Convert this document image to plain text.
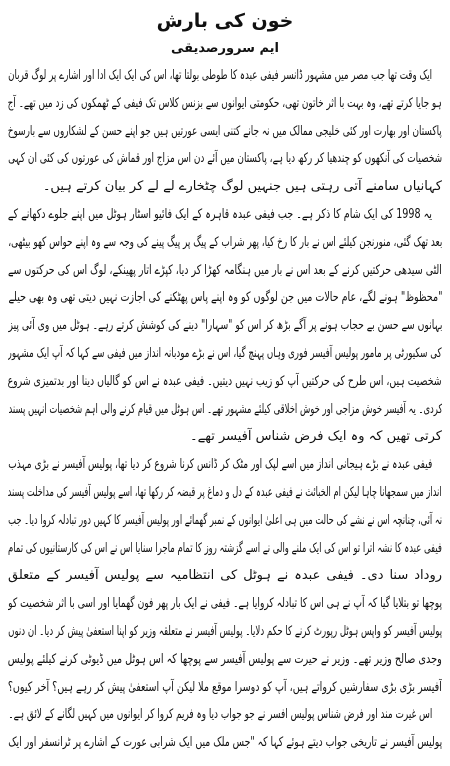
خون کی بارش
ایم سرورصدیقی
ایک وقت تھا جب مصر میں مشہور ڈانسر فیفی عبدہ کا طوطی بولتا تھا، اس کی ایک ایک ادا اور اشارے پر لوگ قربان
ہو جایا کرتے تھے، وہ بہت با اثر خاتون تھی، حکومتی ایوانوں سے بزنس کلاس تک فیفی کے ٹھمکوں کی زد میں تھے۔ آج
پاکستان اور بھارت اور کئی خلیجی ممالک میں نہ جانے کتنی ایسی عورتیں ہیں جو اپنے حسن کے لشکاروں سے بارسوخ
شخصیات کی آنکھوں کو چندھیا کر رکھ دیا ہے، پاکستان میں آئے دن اس مزاج اور قماش کی عورتوں کی کئی ان کہی
کہانیاں سامنے آتی رہتی ہیں جنہیں لوگ چٹخارے لے لے کر بیان کرتے ہیں۔
یہ 1998 کی ایک شام کا ذکر ہے۔ جب فیفی عبدہ قاہرہ کے ایک فائیو اسٹار ہوٹل میں اپنے جلوے دکھانے کے
بعد تھک گئی، منورنجن کیلئے اس نے بار کا رخ کیا، پھر شراب کے پیگ پر پیگ پینے کی وجہ سے وہ اپنے حواس کھو بیٹھی،
الٹی سیدھی حرکتیں کرنے کے بعد اس نے بار میں ہنگامہ کھڑا کر دیا، کپڑے اتار پھینکے، لوگ اس کی حرکتوں سے
"محظوظ" ہونے لگے، عام حالات میں جن لوگوں کو وہ اپنے پاس پھٹکنے کی اجازت نہیں دیتی تھی وہ بھی حیلے
بہانوں سے حسن بے حجاب ہونے پر آگے بڑھ کر اس کو "سہارا" دینے کی کوشش کرتے رہے۔ ہوٹل میں وی آئی پیز
کی سکیورٹی پر مامور پولیس آفیسر فوری وہاں پہنچ گیا، اس نے بڑے مودبانہ انداز میں فیفی سے کہا کہ آپ ایک مشہور
شخصیت ہیں، اس طرح کی حرکتیں آپ کو زیب نہیں دیتیں۔ فیفی عبدہ نے اس کو گالیاں دینا اور بدتمیزی شروع
کردی۔ یہ آفیسر خوش مزاجی اور خوش اخلاقی کیلئے مشہور تھے۔ اس ہوٹل میں قیام کرنے والی اہم شخصیات انہیں پسند
کرتی تھیں کہ وہ ایک فرض شناس آفیسر تھے۔
فیفی عبدہ نے بڑے ہیجانی انداز میں اسے لپک اور مٹک کر ڈانس کرنا شروع کر دیا تھا، پولیس آفیسر نے بڑی مہذب
انداز میں سمجھانا چاہا لیکن ام الخبائث نے فیفی عبدہ کے دل و دماغ پر قبضہ کر رکھا تھا، اسے پولیس آفیسر کی مداخلت پسند
نہ آئی، چنانچہ اس نے نشے کی حالت میں ہی اعلیٰ ایوانوں کے نمبر گھمائے اور پولیس آفیسر کا کہیں دور تبادلہ کروا دیا۔ جب
فیفی عبدہ کا نشہ اترا تو اس کی ایک ملنے والی نے اسے گزشتہ روز کا تمام ماجرا سنایا اس نے اس کی کارستانیوں کی تمام
روداد سنا دی۔ فیفی عبدہ نے ہوٹل کی انتظامیہ سے پولیس آفیسر کے متعلق
پوچھا تو بتلایا گیا کہ آپ نے ہی اس کا تبادلہ کروایا ہے۔ فیفی نے ایک بار پھر فون گھمایا اور اسی با اثر شخصیت کو
پولیس آفیسر کو واپس ہوٹل رپورٹ کرنے کا حکم دلایا۔ پولیس آفیسر نے متعلقہ وزیر کو اپنا استعفیٰ پیش کر دیا۔ ان دنوں
وجدی صالح وزیر تھے۔ وزیر نے حیرت سے پولیس آفیسر سے پوچھا کہ اس ہوٹل میں ڈیوٹی کرنے کیلئے پولیس
آفیسر بڑی بڑی سفارشیں کرواتے ہیں، آپ کو دوسرا موقع ملا لیکن آپ استعفیٰ پیش کر رہے ہیں؟ آخر کیوں؟
اس غیرت مند اور فرض شناس پولیس افسر نے جو جواب دیا وہ فریم کروا کر ایوانوں میں کہیں لگانے کے لائق ہے۔
پولیس آفیسر نے تاریخی جواب دیتے ہوئے کہا کہ "جس ملک میں ایک شرابی عورت کے اشارے پر ٹرانسفر اور ایک
